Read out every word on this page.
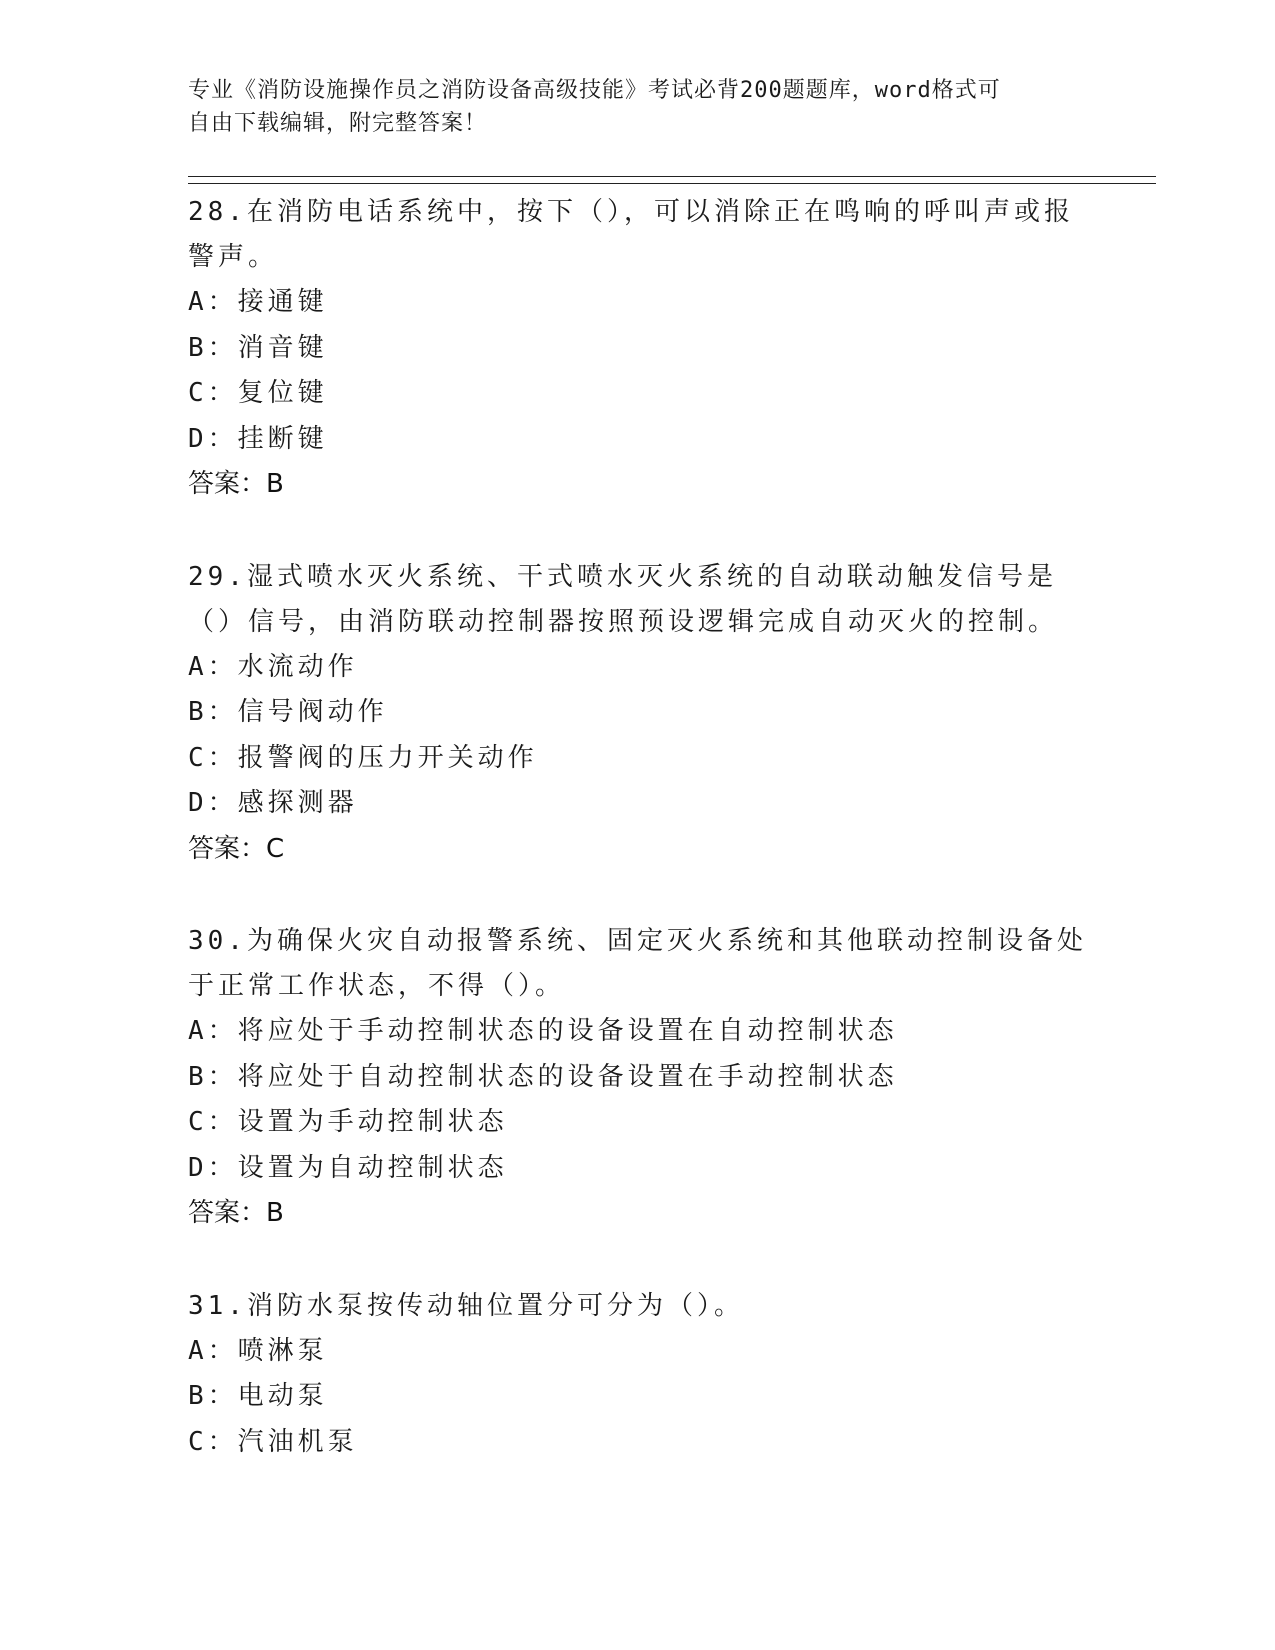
专业《消防设施操作员之消防设备高级技能》考试必背200题题库，word格式可
自由下载编辑，附完整答案！

28.在消防电话系统中，按下（），可以消除正在鸣响的呼叫声或报警声。

A：接通键

B：消音键

C：复位键

D：挂断键

答案：B

29.湿式喷水灭火系统、干式喷水灭火系统的自动联动触发信号是（）信号，由消防联动控制器按照预设逻辑完成自动灭火的控制。

A：水流动作

B：信号阀动作

C：报警阀的压力开关动作

D：感探测器

答案：C

30.为确保火灾自动报警系统、固定灭火系统和其他联动控制设备处于正常工作状态，不得（）。

A：将应处于手动控制状态的设备设置在自动控制状态

B：将应处于自动控制状态的设备设置在手动控制状态

C：设置为手动控制状态

D：设置为自动控制状态

答案：B

31.消防水泵按传动轴位置分可分为（）。

A：喷淋泵

B：电动泵

C：汽油机泵
